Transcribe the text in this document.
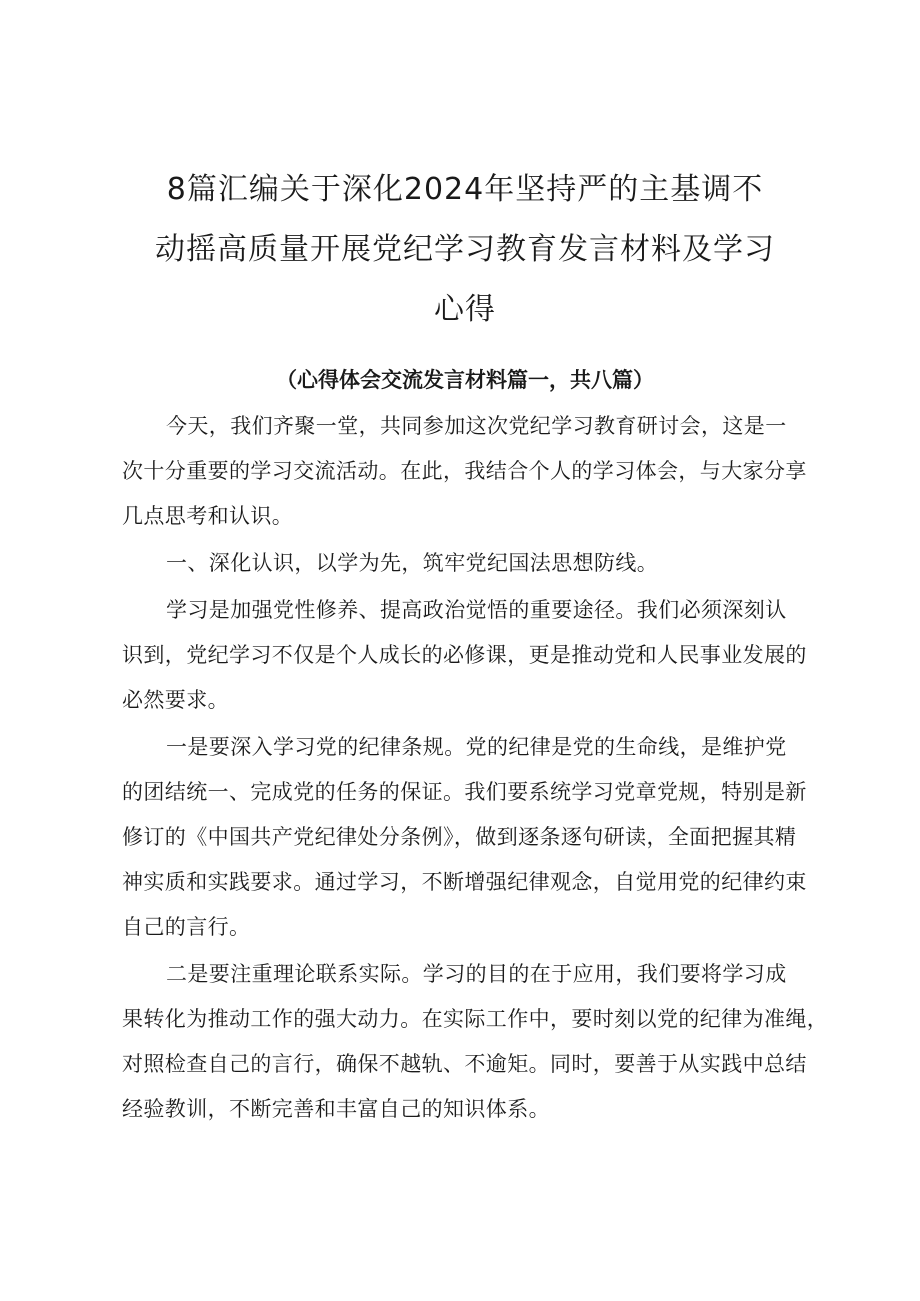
8篇汇编关于深化2024年坚持严的主基调不
动摇高质量开展党纪学习教育发言材料及学习
心得

（心得体会交流发言材料篇一，共八篇）

今天，我们齐聚一堂，共同参加这次党纪学习教育研讨会，这是一
次十分重要的学习交流活动。在此，我结合个人的学习体会，与大家分享
几点思考和认识。

一、深化认识，以学为先，筑牢党纪国法思想防线。

学习是加强党性修养、提高政治觉悟的重要途径。我们必须深刻认
识到，党纪学习不仅是个人成长的必修课，更是推动党和人民事业发展的
必然要求。

一是要深入学习党的纪律条规。党的纪律是党的生命线，是维护党
的团结统一、完成党的任务的保证。我们要系统学习党章党规，特别是新
修订的《中国共产党纪律处分条例》，做到逐条逐句研读，全面把握其精
神实质和实践要求。通过学习，不断增强纪律观念，自觉用党的纪律约束
自己的言行。

二是要注重理论联系实际。学习的目的在于应用，我们要将学习成
果转化为推动工作的强大动力。在实际工作中，要时刻以党的纪律为准绳，
对照检查自己的言行，确保不越轨、不逾矩。同时，要善于从实践中总结
经验教训，不断完善和丰富自己的知识体系。
